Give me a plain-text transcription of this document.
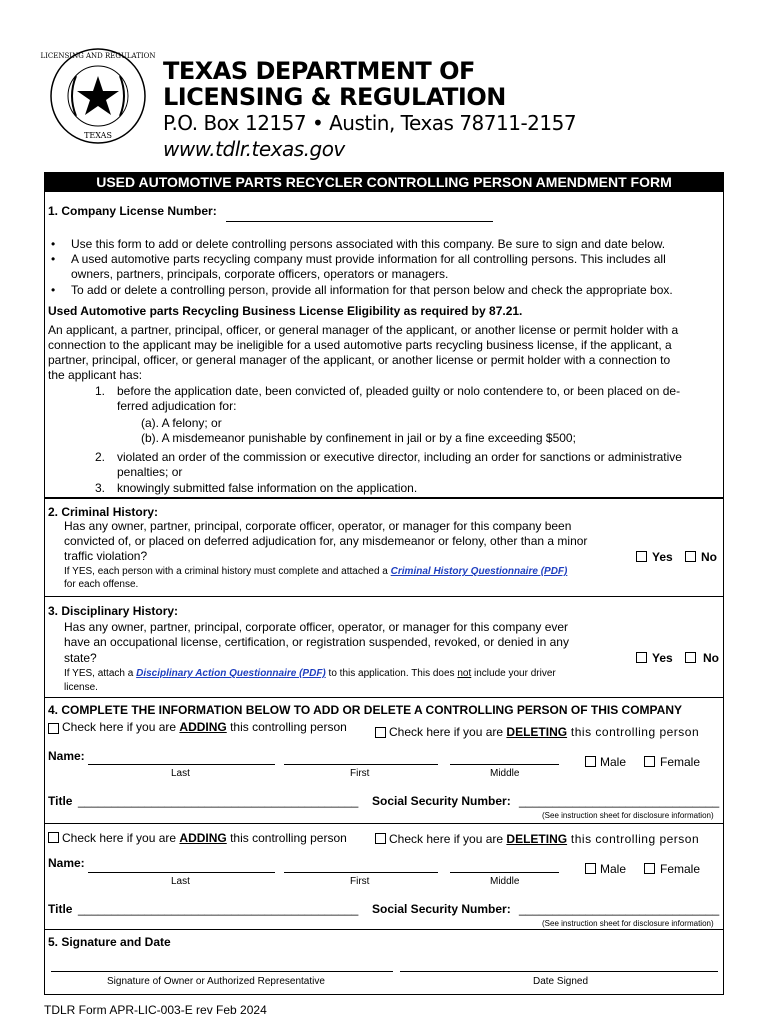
LICENSING AND REGULATION
TEXAS
TEXAS DEPARTMENT OF
LICENSING & REGULATION
P.O. Box 12157 • Austin, Texas 78711-2157
www.tdlr.texas.gov
USED AUTOMOTIVE PARTS RECYCLER CONTROLLING PERSON AMENDMENT FORM
1. Company License Number:
• Use this form to add or delete controlling persons associated with this company. Be sure to sign and date below.
• A used automotive parts recycling company must provide information for all controlling persons. This includes all
owners, partners, principals, corporate officers, operators or managers.
• To add or delete a controlling person, provide all information for that person below and check the appropriate box.
Used Automotive parts Recycling Business License Eligibility as required by 87.21.
An applicant, a partner, principal, officer, or general manager of the applicant, or another license or permit holder with a
connection to the applicant may be ineligible for a used automotive parts recycling business license, if the applicant, a
partner, principal, officer, or general manager of the applicant, or another license or permit holder with a connection to
the applicant has:
1. before the application date, been convicted of, pleaded guilty or nolo contendere to, or been placed on de-
ferred adjudication for:
(a). A felony; or
(b). A misdemeanor punishable by confinement in jail or by a fine exceeding $500;
2. violated an order of the commission or executive director, including an order for sanctions or administrative
penalties; or
3. knowingly submitted false information on the application.
2. Criminal History:
Has any owner, partner, principal, corporate officer, operator, or manager for this company been
convicted of, or placed on deferred adjudication for, any misdemeanor or felony, other than a minor
traffic violation?	Yes No
If YES, each person with a criminal history must complete and attached a Criminal History Questionnaire (PDF)
for each offense.
3. Disciplinary History:
Has any owner, partner, principal, corporate officer, operator, or manager for this company ever
have an occupational license, certification, or registration suspended, revoked, or denied in any
state?	Yes	No
If YES, attach a Disciplinary Action Questionnaire (PDF) to this application. This does not include your driver
license.
4. COMPLETE THE INFORMATION BELOW TO ADD OR DELETE A CONTROLLING PERSON OF THIS COMPANY
Check here if you are ADDING this controlling person	Check here if you are DELETING this controlling person
Name:
Last	First	Middle
Male	Female
Title __________________________________________ Social Security Number: ______________________________
(See instruction sheet for disclosure information)
Check here if you are ADDING this controlling person	Check here if you are DELETING this controlling person
Name:
Last	First	Middle
Male	Female
Title __________________________________________ Social Security Number: ______________________________
(See instruction sheet for disclosure information)
5. Signature and Date
Signature of Owner or Authorized Representative	Date Signed
TDLR Form APR-LIC-003-E rev Feb 2024
